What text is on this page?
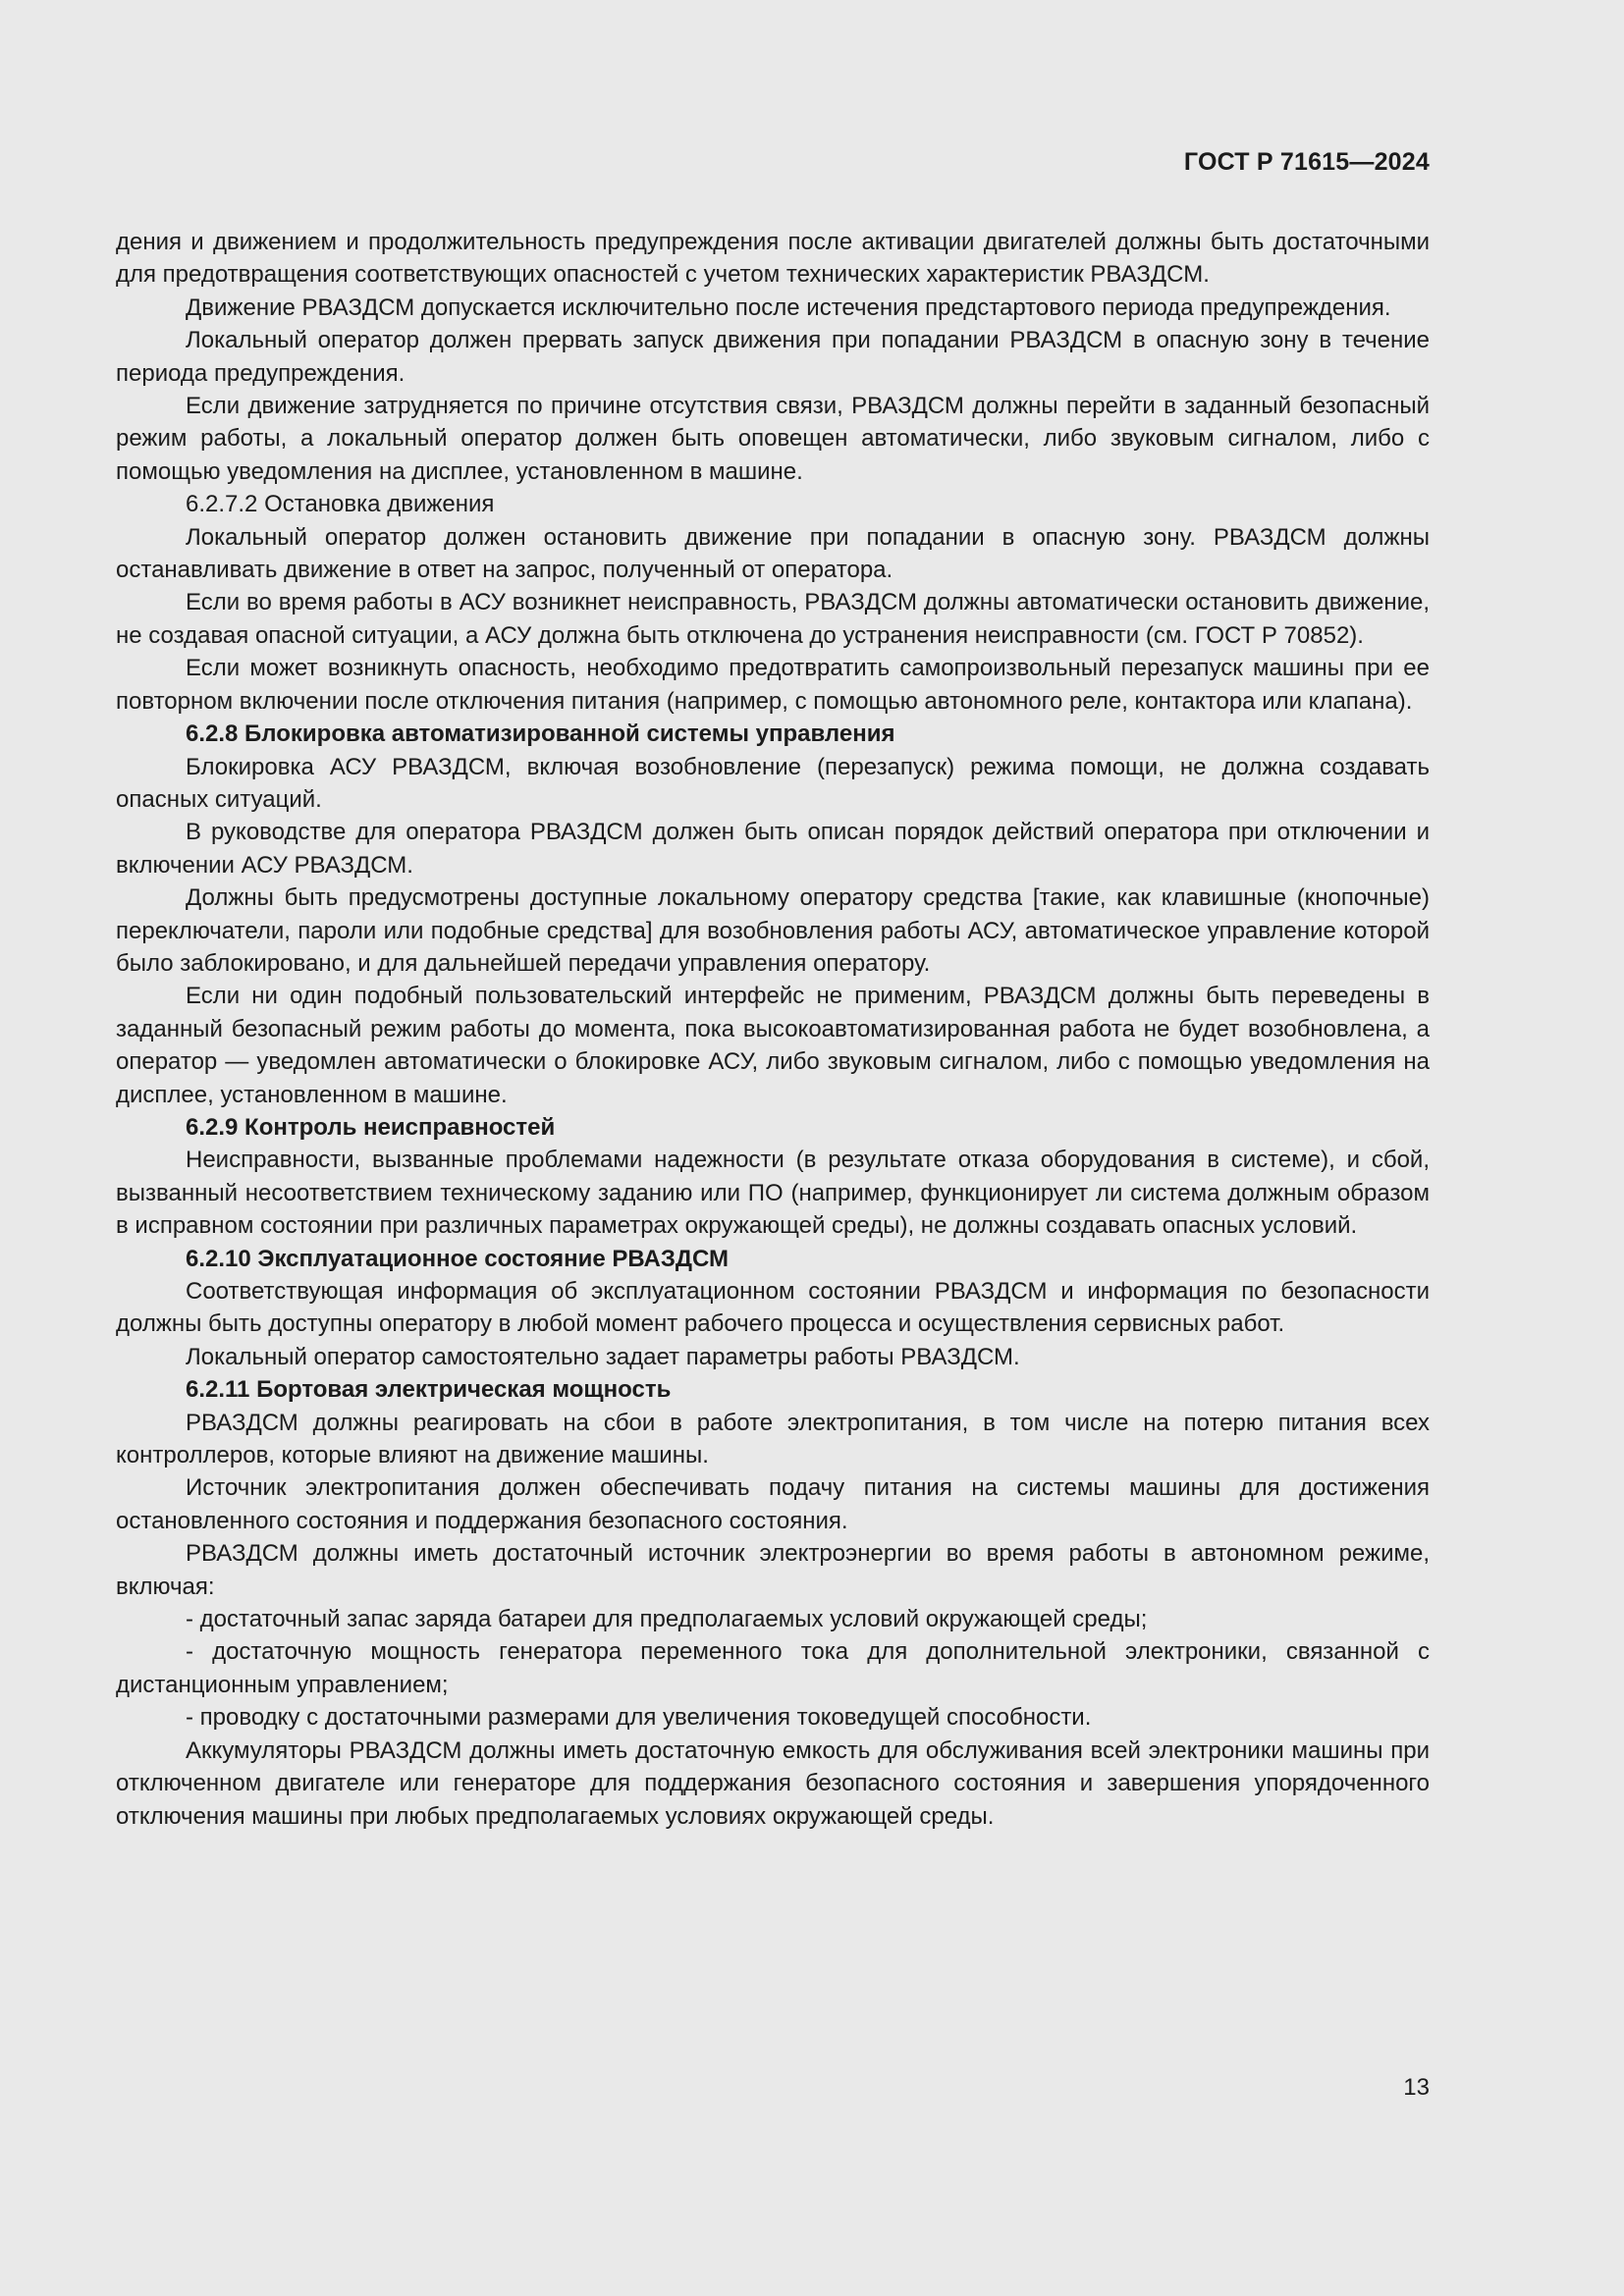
ГОСТ Р 71615—2024

дения и движением и продолжительность предупреждения после активации двигателей должны быть достаточными для предотвращения соответствующих опасностей с учетом технических характеристик РВАЗДСМ.

Движение РВАЗДСМ допускается исключительно после истечения предстартового периода предупреждения.

Локальный оператор должен прервать запуск движения при попадании РВАЗДСМ в опасную зону в течение периода предупреждения.

Если движение затрудняется по причине отсутствия связи, РВАЗДСМ должны перейти в заданный безопасный режим работы, а локальный оператор должен быть оповещен автоматически, либо звуковым сигналом, либо с помощью уведомления на дисплее, установленном в машине.

6.2.7.2 Остановка движения

Локальный оператор должен остановить движение при попадании в опасную зону. РВАЗДСМ должны останавливать движение в ответ на запрос, полученный от оператора.

Если во время работы в АСУ возникнет неисправность, РВАЗДСМ должны автоматически остановить движение, не создавая опасной ситуации, а АСУ должна быть отключена до устранения неисправности (см. ГОСТ Р 70852).

Если может возникнуть опасность, необходимо предотвратить самопроизвольный перезапуск машины при ее повторном включении после отключения питания (например, с помощью автономного реле, контактора или клапана).

6.2.8 Блокировка автоматизированной системы управления

Блокировка АСУ РВАЗДСМ, включая возобновление (перезапуск) режима помощи, не должна создавать опасных ситуаций.

В руководстве для оператора РВАЗДСМ должен быть описан порядок действий оператора при отключении и включении АСУ РВАЗДСМ.

Должны быть предусмотрены доступные локальному оператору средства [такие, как клавишные (кнопочные) переключатели, пароли или подобные средства] для возобновления работы АСУ, автоматическое управление которой было заблокировано, и для дальнейшей передачи управления оператору.

Если ни один подобный пользовательский интерфейс не применим, РВАЗДСМ должны быть переведены в заданный безопасный режим работы до момента, пока высокоавтоматизированная работа не будет возобновлена, а оператор — уведомлен автоматически о блокировке АСУ, либо звуковым сигналом, либо с помощью уведомления на дисплее, установленном в машине.

6.2.9 Контроль неисправностей

Неисправности, вызванные проблемами надежности (в результате отказа оборудования в системе), и сбой, вызванный несоответствием техническому заданию или ПО (например, функционирует ли система должным образом в исправном состоянии при различных параметрах окружающей среды), не должны создавать опасных условий.

6.2.10 Эксплуатационное состояние РВАЗДСМ

Соответствующая информация об эксплуатационном состоянии РВАЗДСМ и информация по безопасности должны быть доступны оператору в любой момент рабочего процесса и осуществления сервисных работ.

Локальный оператор самостоятельно задает параметры работы РВАЗДСМ.

6.2.11 Бортовая электрическая мощность

РВАЗДСМ должны реагировать на сбои в работе электропитания, в том числе на потерю питания всех контроллеров, которые влияют на движение машины.

Источник электропитания должен обеспечивать подачу питания на системы машины для достижения остановленного состояния и поддержания безопасного состояния.

РВАЗДСМ должны иметь достаточный источник электроэнергии во время работы в автономном режиме, включая:

- достаточный запас заряда батареи для предполагаемых условий окружающей среды;

- достаточную мощность генератора переменного тока для дополнительной электроники, связанной с дистанционным управлением;

- проводку с достаточными размерами для увеличения токоведущей способности.

Аккумуляторы РВАЗДСМ должны иметь достаточную емкость для обслуживания всей электроники машины при отключенном двигателе или генераторе для поддержания безопасного состояния и завершения упорядоченного отключения машины при любых предполагаемых условиях окружающей среды.

13
